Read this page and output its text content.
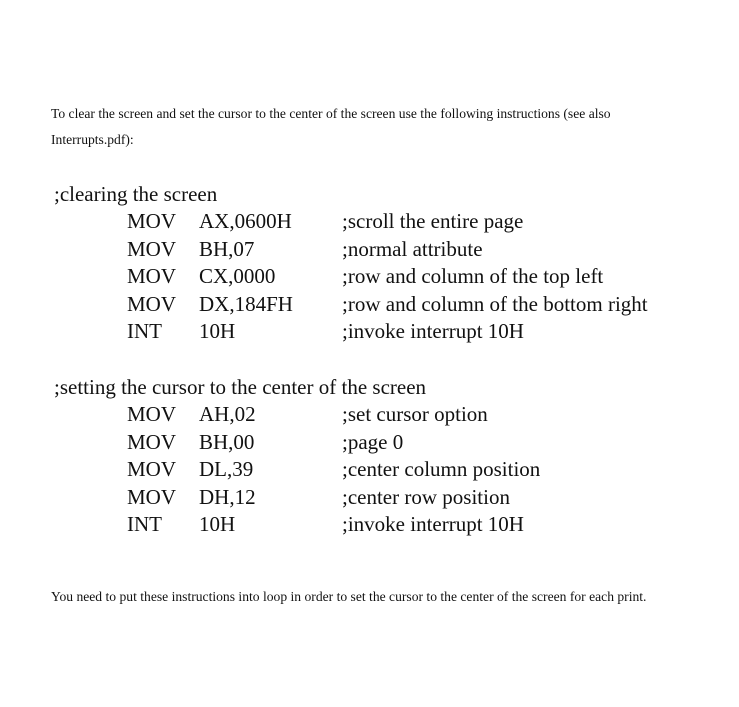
To clear the screen and set the cursor to the center of the screen use the following instructions (see also
Interrupts.pdf):

;clearing the screen
MOV AX,0600H ;scroll the entire page
MOV BH,07	;normal attribute
MOV CX,0000	;row and column of the top left
MOV DX,184FH ;row and column of the bottom right
INT 10H	;invoke interrupt 10H
;setting the cursor to the center of the screen
MOV AH,02	;set cursor option
MOV BH,00	;page 0
MOV DL,39	;center column position
MOV DH,12	;center row position
INT 10H	;invoke interrupt 10H

You need to put these instructions into loop in order to set the cursor to the center of the screen for each print.
